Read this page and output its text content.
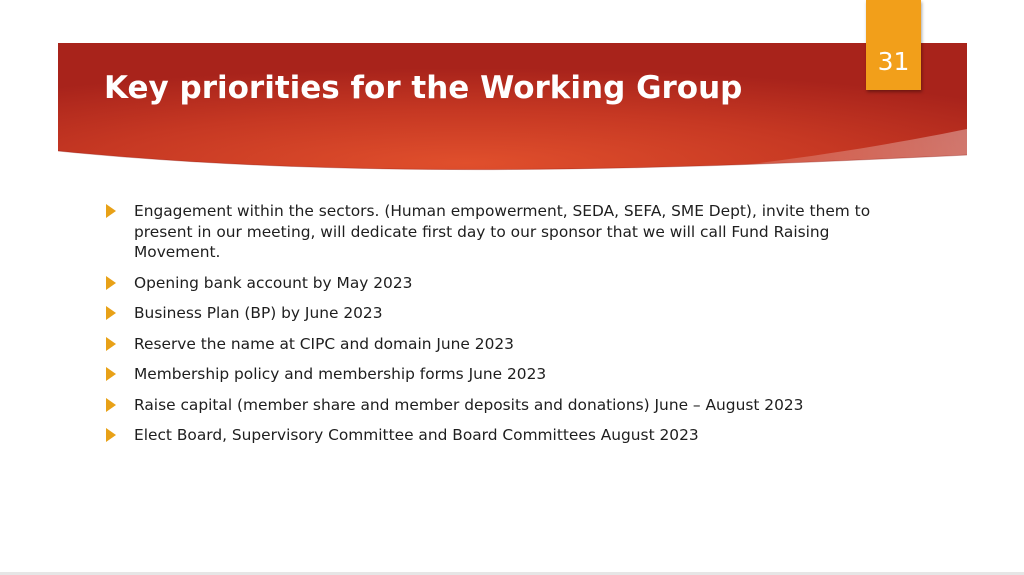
Key priorities for the Working Group
31
Engagement within the sectors. (Human empowerment, SEDA, SEFA, SME Dept), invite them to present in our meeting, will dedicate first day to our sponsor that we will call Fund Raising Movement.
Opening bank account by May 2023
Business Plan (BP) by June 2023
Reserve the name at CIPC and domain June 2023
Membership policy and membership forms June 2023
Raise capital (member share and member deposits and donations) June – August 2023
Elect Board, Supervisory Committee and Board Committees August 2023
